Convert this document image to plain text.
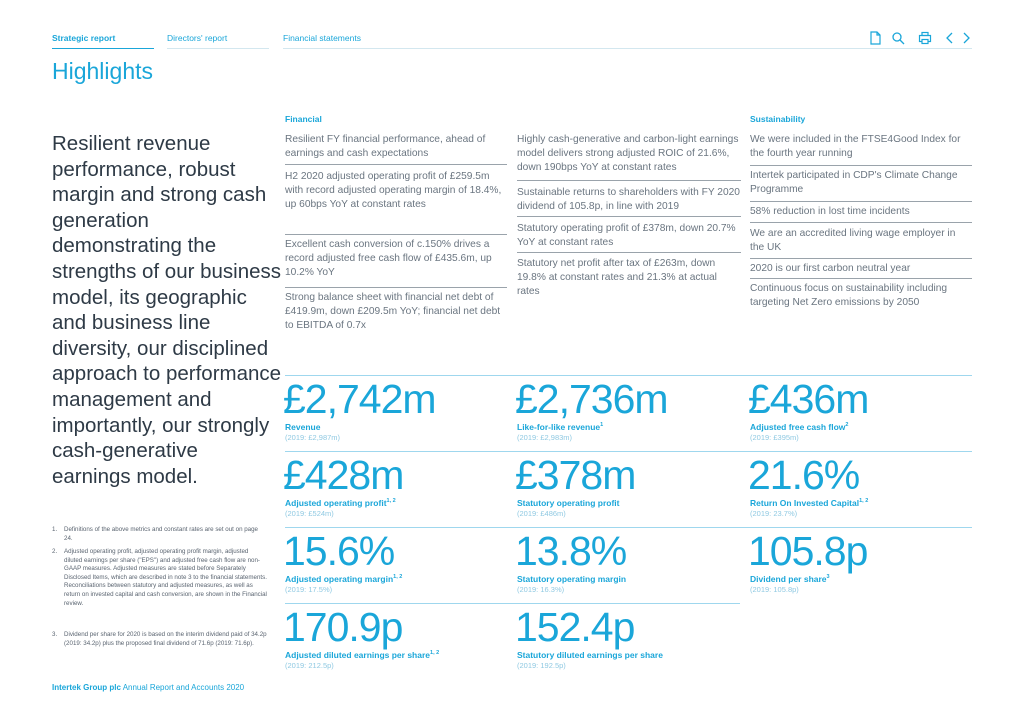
Strategic report	Directors' report	Financial statements
Highlights
Resilient revenue performance, robust margin and strong cash generation demonstrating the strengths of our business model, its geographic and business line diversity, our disciplined approach to performance management and importantly, our strongly cash-generative earnings model.
1. Definitions of the above metrics and constant rates are set out on page 24.
2. Adjusted operating profit, adjusted operating profit margin, adjusted diluted earnings per share ("EPS") and adjusted free cash flow are non-GAAP measures. Adjusted measures are stated before Separately Disclosed Items, which are described in note 3 to the financial statements. Reconciliations between statutory and adjusted measures, as well as return on invested capital and cash conversion, are shown in the Financial review.
3. Dividend per share for 2020 is based on the interim dividend paid of 34.2p (2019: 34.2p) plus the proposed final dividend of 71.6p (2019: 71.6p).
Financial	Sustainability
Resilient FY financial performance, ahead of earnings and cash expectations
H2 2020 adjusted operating profit of £259.5m with record adjusted operating margin of 18.4%, up 60bps YoY at constant rates
Excellent cash conversion of c.150% drives a record adjusted free cash flow of £435.6m, up 10.2% YoY
Strong balance sheet with financial net debt of £419.9m, down £209.5m YoY; financial net debt to EBITDA of 0.7x
Highly cash-generative and carbon-light earnings model delivers strong adjusted ROIC of 21.6%, down 190bps YoY at constant rates
Sustainable returns to shareholders with FY 2020 dividend of 105.8p, in line with 2019
Statutory operating profit of £378m, down 20.7% YoY at constant rates
Statutory net profit after tax of £263m, down 19.8% at constant rates and 21.3% at actual rates
We were included in the FTSE4Good Index for the fourth year running
Intertek participated in CDP's Climate Change Programme
58% reduction in lost time incidents
We are an accredited living wage employer in the UK
2020 is our first carbon neutral year
Continuous focus on sustainability including targeting Net Zero emissions by 2050
£2,742m
Revenue
(2019: £2,987m)
£2,736m
Like-for-like revenue$^1$
(2019: £2,983m)
£436m
Adjusted free cash flow$^2$
(2019: £395m)
£428m
Adjusted operating profit$^{1, 2}$
(2019: £524m)
£378m
Statutory operating profit
(2019: £486m)
21.6%
Return On Invested Capital$^{1, 2}$
(2019: 23.7%)
15.6%
Adjusted operating margin$^{1, 2}$
(2019: 17.5%)
13.8%
Statutory operating margin
(2019: 16.3%)
105.8p
Dividend per share$^3$
(2019: 105.8p)
170.9p
Adjusted diluted earnings per share$^{1, 2}$
(2019: 212.5p)
152.4p
Statutory diluted earnings per share
(2019: 192.5p)
Intertek Group plc Annual Report and Accounts 2020
